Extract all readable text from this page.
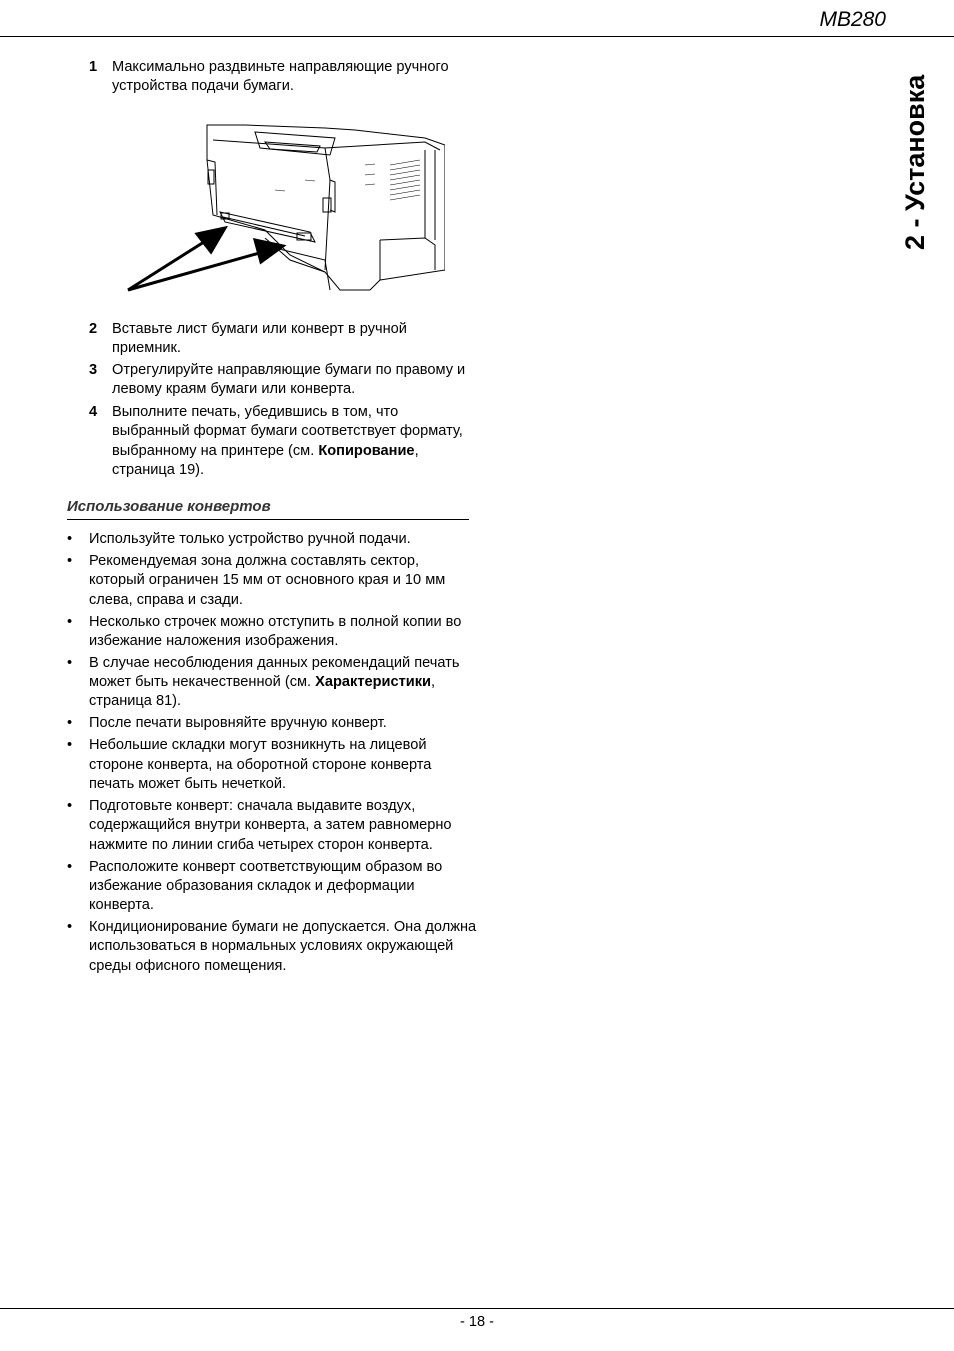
MB280
2 - Установка
1 Максимально раздвиньте направляющие ручного устройства подачи бумаги.
2 Вставьте лист бумаги или конверт в ручной приемник.
3 Отрегулируйте направляющие бумаги по правому и левому краям бумаги или конверта.
4 Выполните печать, убедившись в том, что выбранный формат бумаги соответствует формату, выбранному на принтере (см. Копирование, страница 19).
Использование конвертов
• Используйте только устройство ручной подачи.
• Рекомендуемая зона должна составлять сектор, который ограничен 15 мм от основного края и 10 мм слева, справа и сзади.
• Несколько строчек можно отступить в полной копии во избежание наложения изображения.
• В случае несоблюдения данных рекомендаций печать может быть некачественной (см. Характеристики, страница 81).
• После печати выровняйте вручную конверт.
• Небольшие складки могут возникнуть на лицевой стороне конверта, на оборотной стороне конверта печать может быть нечеткой.
• Подготовьте конверт: сначала выдавите воздух, содержащийся внутри конверта, а затем равномерно нажмите по линии сгиба четырех сторон конверта.
• Расположите конверт соответствующим образом во избежание образования складок и деформации конверта.
• Кондиционирование бумаги не допускается. Она должна использоваться в нормальных условиях окружающей среды офисного помещения.
- 18 -
